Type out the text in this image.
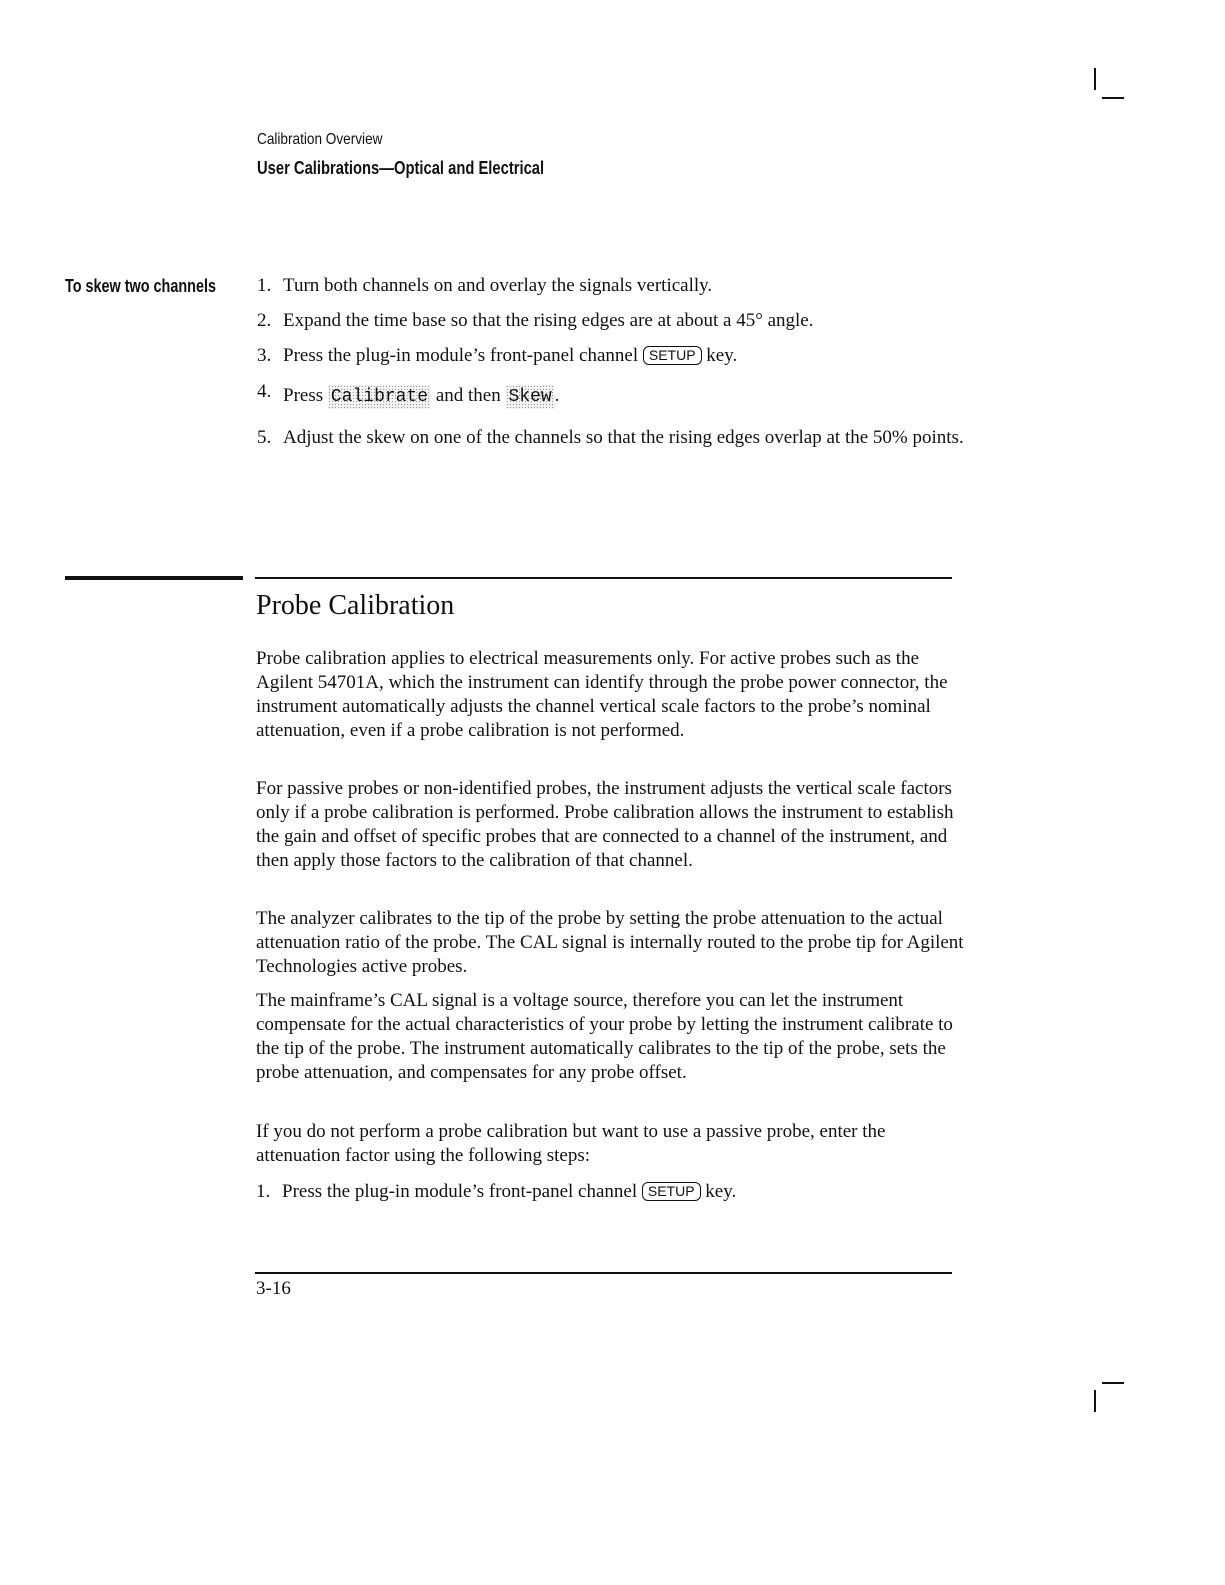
Calibration Overview
User Calibrations—Optical and Electrical
To skew two channels 1. Turn both channels on and overlay the signals vertically.
2. Expand the time base so that the rising edges are at about a 45° angle.
3. Press the plug-in module’s front-panel channel SETUP key.
4. Press Calibrate and then Skew .
5. Adjust the skew on one of the channels so that the rising edges overlap at the 50% points.
Probe Calibration

Probe calibration applies to electrical measurements only. For active probes such as the Agilent 54701A, which the instrument can identify through the probe power connector, the instrument automatically adjusts the channel vertical scale factors to the probe’s nominal attenuation, even if a probe calibration is not performed.

For passive probes or non-identified probes, the instrument adjusts the vertical scale factors only if a probe calibration is performed. Probe calibration allows the instrument to establish the gain and offset of specific probes that are connected to a channel of the instrument, and then apply those factors to the calibration of that channel.

The analyzer calibrates to the tip of the probe by setting the probe attenuation to the actual attenuation ratio of the probe. The CAL signal is internally routed to the probe tip for Agilent Technologies active probes.

The mainframe’s CAL signal is a voltage source, therefore you can let the instrument compensate for the actual characteristics of your probe by letting the instrument calibrate to the tip of the probe. The instrument automatically calibrates to the tip of the probe, sets the probe attenuation, and compensates for any probe offset.

If you do not perform a probe calibration but want to use a passive probe, enter the attenuation factor using the following steps:

1. Press the plug-in module’s front-panel channel SETUP key.
3-16
